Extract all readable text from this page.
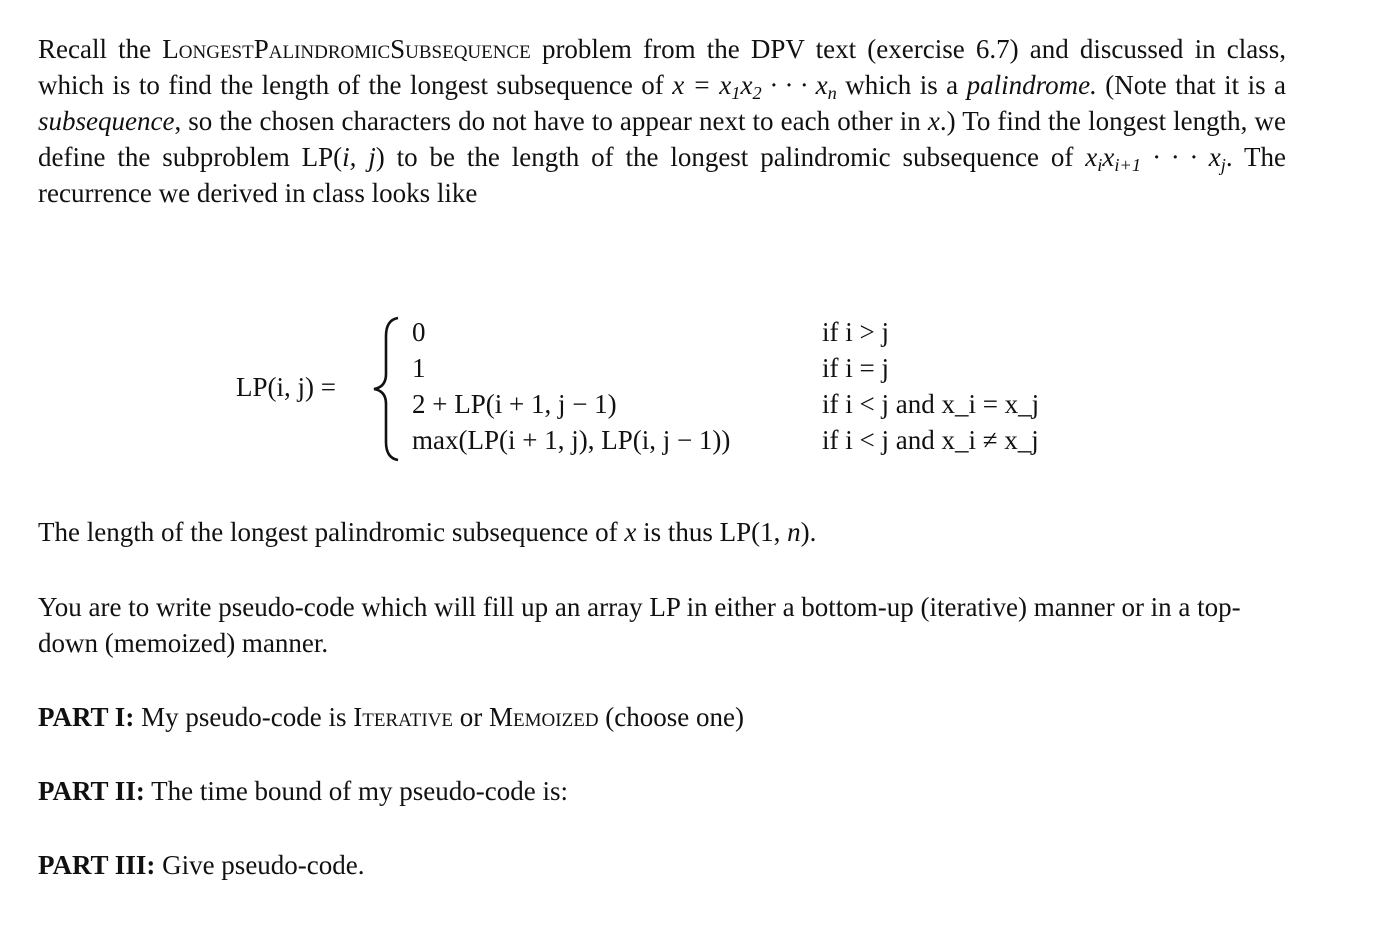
Recall the LongestPalindromicSubsequence problem from the DPV text (exercise 6.7) and discussed in class, which is to find the length of the longest subsequence of $x = x_1x_2$ · · · $x_n$ which is a palindrome. (Note that it is a subsequence, so the chosen characters do not have to appear next to each other in x.) To find the longest length, we define the subproblem LP(i, j) to be the length of the longest palindromic subsequence of $x_ix_{i+1}$ · · · $x_j$. The recurrence we derived in class looks like

LP(i, j) =
0	if i > j
1	if i = j
2 + LP(i + 1, j − 1)	if i < j and x_i = x_j
max(LP(i + 1, j), LP(i, j − 1))	if i < j and x_i ≠ x_j

The length of the longest palindromic subsequence of x is thus LP(1, n).

You are to write pseudo-code which will fill up an array LP in either a bottom-up (iterative) manner or in a top-down (memoized) manner.

PART I: My pseudo-code is Iterative or Memoized (choose one)

PART II: The time bound of my pseudo-code is:

PART III: Give pseudo-code.
